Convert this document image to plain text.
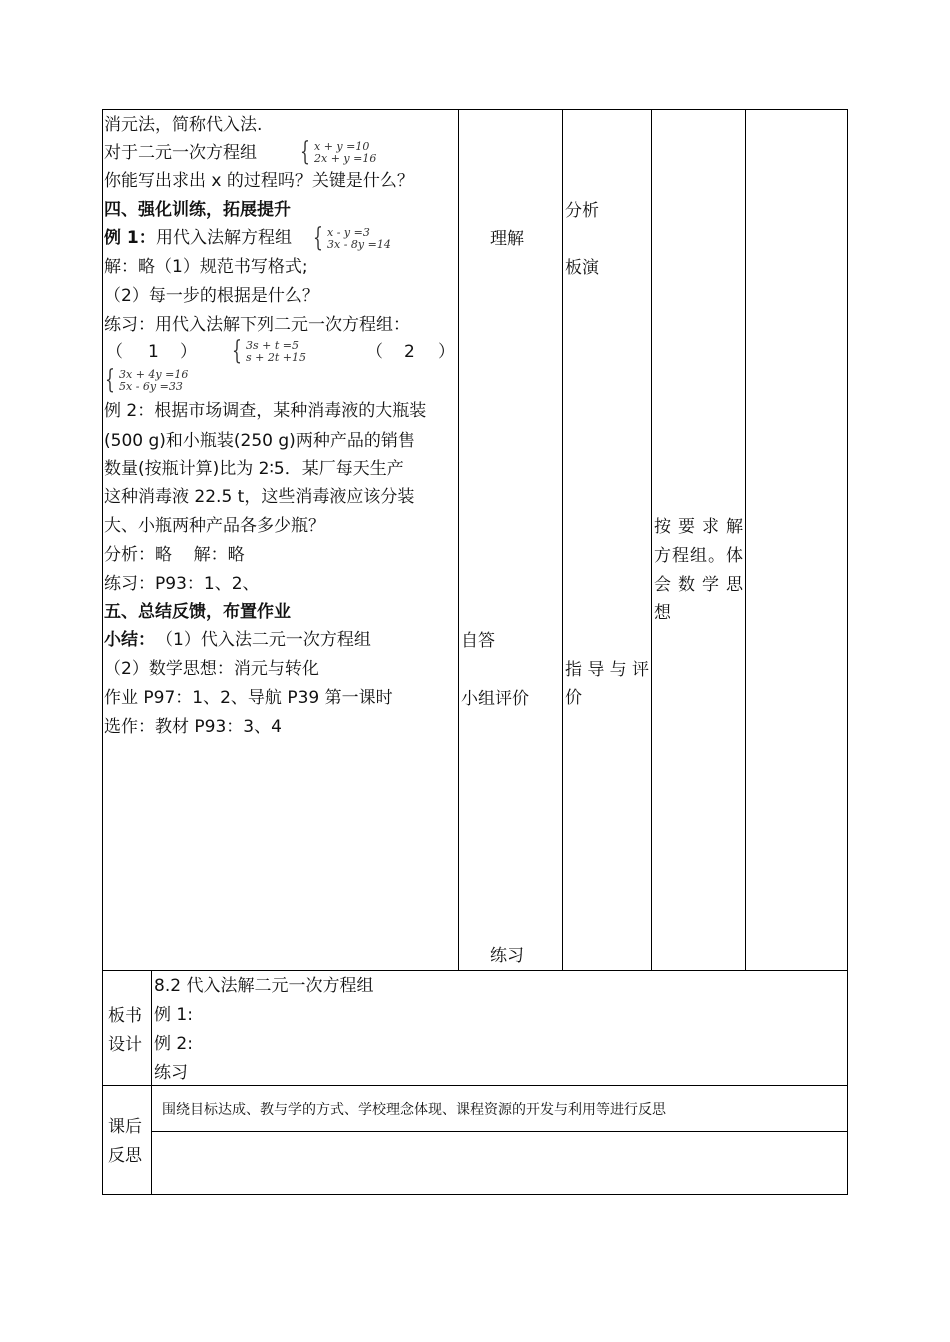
消元法，简称代入法.
对于二元一次方程组 { x + y =10
2x + y =16
你能写出求出 x 的过程吗？关键是什么？
四、强化训练，拓展提升
例 1： 用代入法解方程组 { x - y =3
3x - 8y =14
解：略（1）规范书写格式;
（2）每一步的根据是什么？
练习：用代入法解下列二元一次方程组：
（ 1 ） { 3s + t =5
s + 2t +15	（ 2 ）
{ 3x + 4y =16
5x - 6y =33
例 2：根据市场调查，某种消毒液的大瓶装
(500 g)和小瓶装(250 g)两种产品的销售
数量(按瓶计算)比为 2∶5．某厂每天生产
这种消毒液 22.5 t，这些消毒液应该分装
大、小瓶两种产品各多少瓶？
分析：略    解：略
练习：P93：1、2、
五、总结反馈，布置作业
小结： （1）代入法二元一次方程组
（2）数学思想：消元与转化
作业 P97：1、2、导航 P39 第一课时
选作：教材 P93：3、4
理解
自答
小组评价
练习
分析
板演
指导与评
价
按要求解
方程组。体
会数学思
想
板书
设计
8.2 代入法解二元一次方程组
例 1:
例 2:
练习
课后
反思
围绕目标达成、教与学的方式、学校理念体现、课程资源的开发与利用等进行反思
